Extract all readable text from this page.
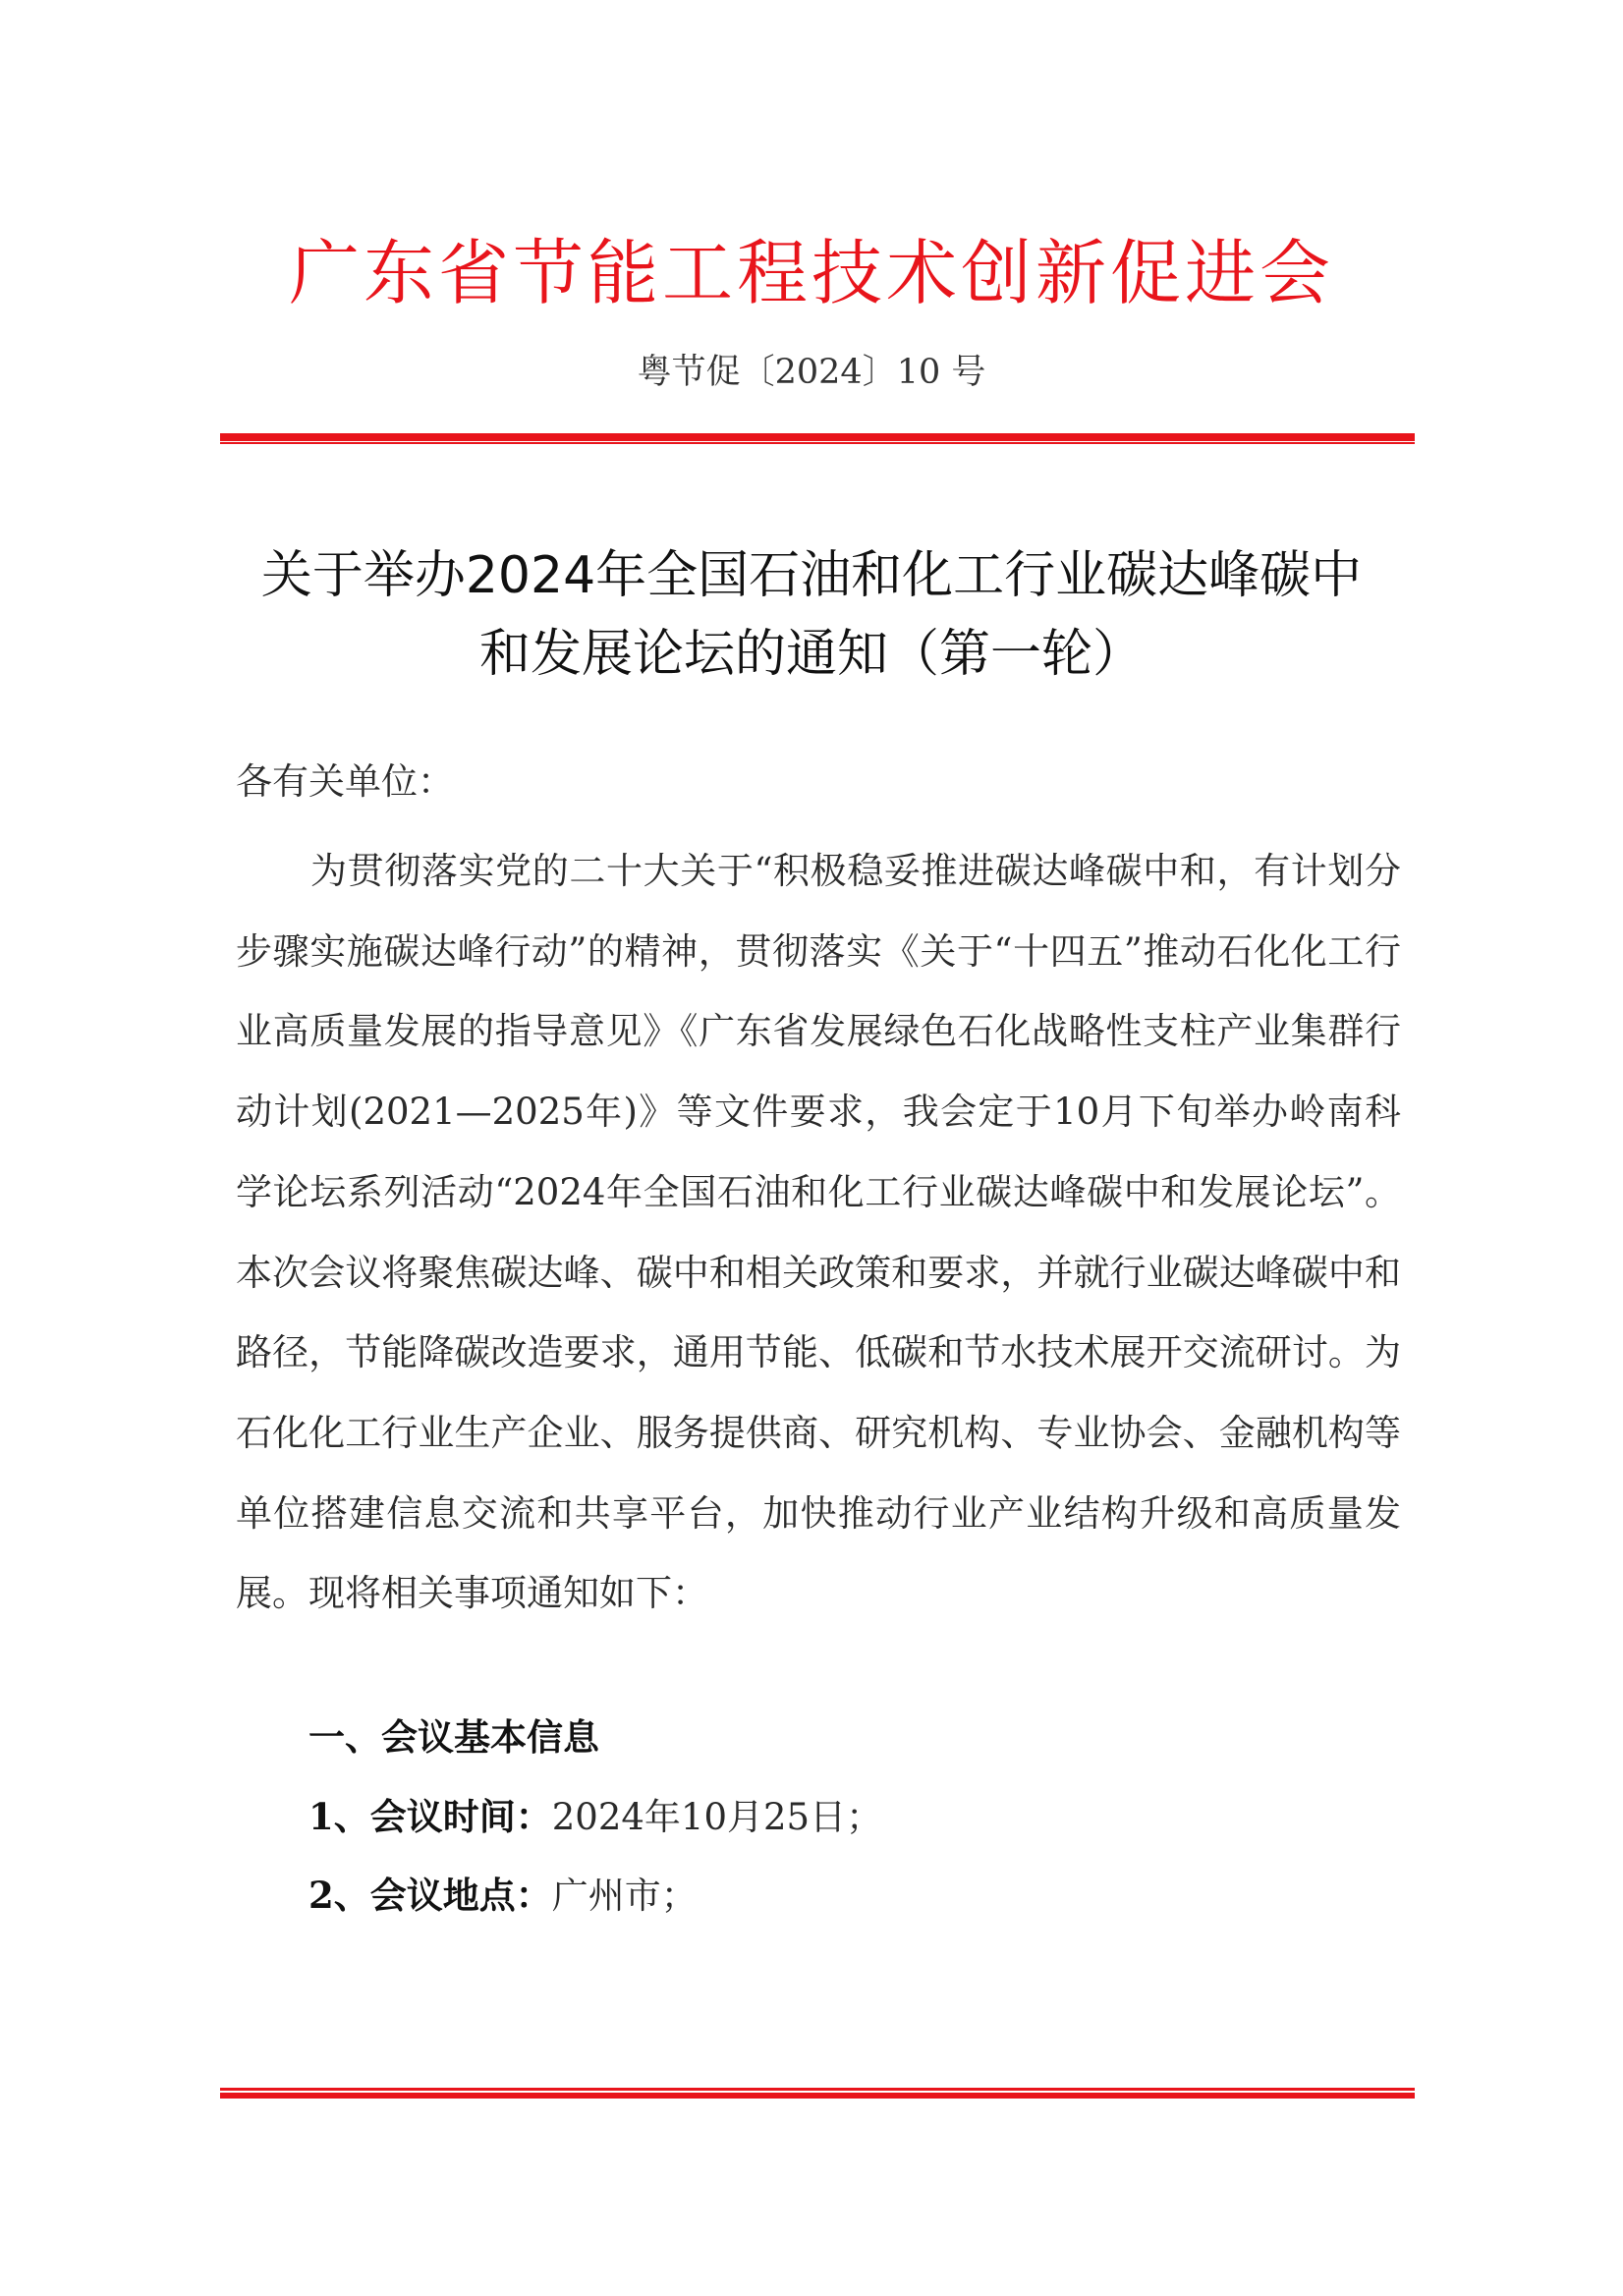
广东省节能工程技术创新促进会
粤节促〔2024〕10 号
关于举办2024年全国石油和化工行业碳达峰碳中
和发展论坛的通知（第一轮）
各有关单位：

为贯彻落实党的二十大关于“积极稳妥推进碳达峰碳中和，有计划分步骤实施碳达峰行动”的精神，贯彻落实《关于“十四五”推动石化化工行业高质量发展的指导意见》《广东省发展绿色石化战略性支柱产业集群行动计划(2021—2025年)》等文件要求，我会定于10月下旬举办岭南科学论坛系列活动“2024年全国石油和化工行业碳达峰碳中和发展论坛”。本次会议将聚焦碳达峰、碳中和相关政策和要求，并就行业碳达峰碳中和路径，节能降碳改造要求，通用节能、低碳和节水技术展开交流研讨。为石化化工行业生产企业、服务提供商、研究机构、专业协会、金融机构等单位搭建信息交流和共享平台，加快推动行业产业结构升级和高质量发展。现将相关事项通知如下：

一、会议基本信息
1、会议时间：2024年10月25日；
2、会议地点：广州市；
